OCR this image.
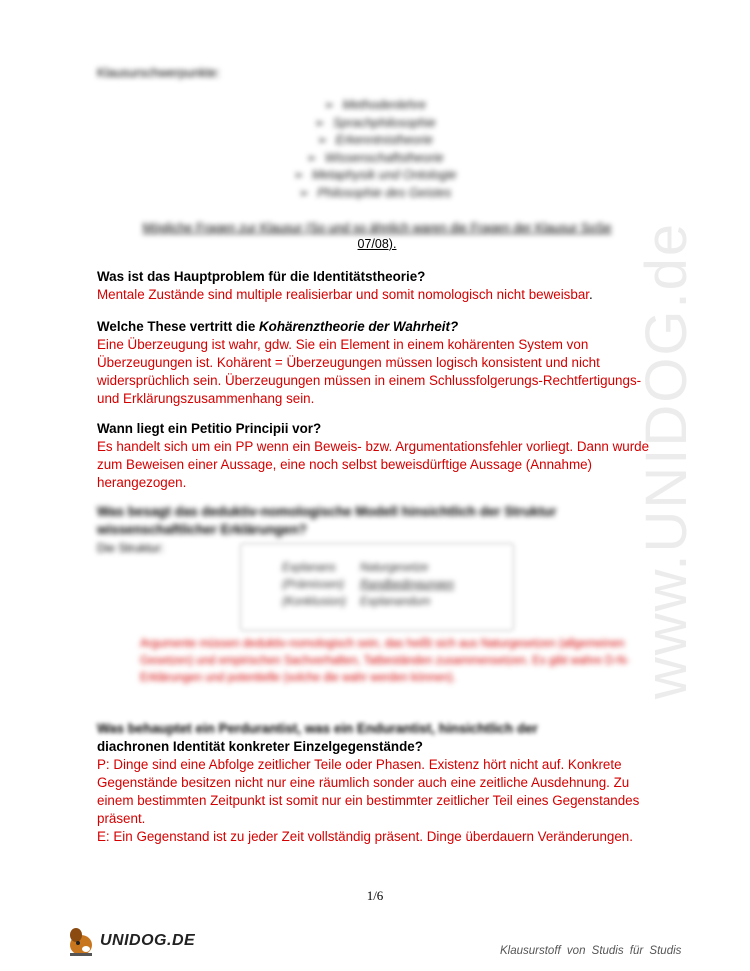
www.UNIDOG.de
Klausurschwerpunkte:
➢ Methodenlehre
➢ Sprachphilosophie
➢ Erkenntnistheorie
➢ Wissenschaftstheorie
➢ Metaphysik und Ontologie
➢ Philosophie des Geistes
Mögliche Fragen zur Klausur (So und so ähnlich waren die Fragen der Klausur SoSe
07/08).
Was ist das Hauptproblem für die Identitätstheorie?
Mentale Zustände sind multiple realisierbar und somit nomologisch nicht beweisbar.
Welche These vertritt die Kohärenztheorie der Wahrheit?
Eine Überzeugung ist wahr, gdw. Sie ein Element in einem kohärenten System von Überzeugungen ist. Kohärent = Überzeugungen müssen logisch konsistent und nicht widersprüchlich sein. Überzeugungen müssen in einem Schlussfolgerungs-Rechtfertigungs- und Erklärungszusammenhang sein.
Wann liegt ein Petitio Principii vor?
Es handelt sich um ein PP wenn ein Beweis- bzw. Argumentationsfehler vorliegt. Dann wurde zum Beweisen einer Aussage, eine noch selbst beweisdürftige Aussage (Annahme) herangezogen.
Was besagt das deduktiv-nomologische Modell hinsichtlich der Struktur wissenschaftlicher Erklärungen?
Die Struktur:
Explanans Naturgesetze
(Prämissen) Randbedingungen
(Konklusion) Explanandum
Argumente müssen deduktiv-nomologisch sein, das heißt sich aus Naturgesetzen (allgemeinen Gesetzen) und empirischen Sachverhalten, Tatbeständen zusammensetzen. Es gibt wahre D-N-Erklärungen und potentielle (solche die wahr werden können).
Was behauptet ein Perdurantist, was ein Endurantist, hinsichtlich der
diachronen Identität konkreter Einzelgegenstände?
P: Dinge sind eine Abfolge zeitlicher Teile oder Phasen. Existenz hört nicht auf. Konkrete Gegenstände besitzen nicht nur eine räumlich sonder auch eine zeitliche Ausdehnung. Zu einem bestimmten Zeitpunkt ist somit nur ein bestimmter zeitlicher Teil eines Gegenstandes präsent.
E: Ein Gegenstand ist zu jeder Zeit vollständig präsent. Dinge überdauern Veränderungen.
1/6
UNIDOG.DE
Klausurstoff von Studis für Studis
